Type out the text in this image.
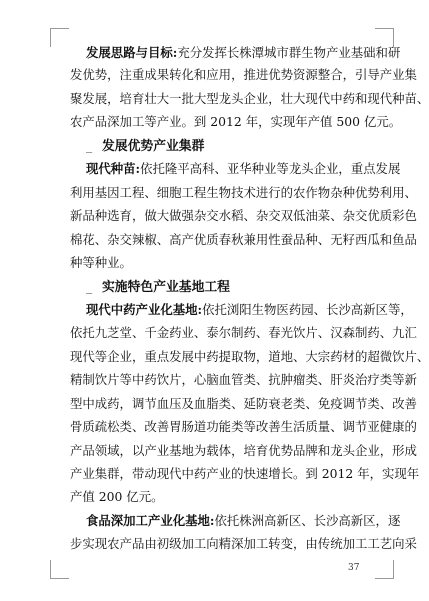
发展思路与目标:充分发挥长株潭城市群生物产业基础和研
发优势，注重成果转化和应用，推进优势资源整合，引导产业集
聚发展，培育壮大一批大型龙头企业，壮大现代中药和现代种苗、
农产品深加工等产业。到 2012 年，实现年产值 500 亿元。
_ 发展优势产业集群
现代种苗:依托隆平高科、亚华种业等龙头企业，重点发展
利用基因工程、细胞工程生物技术进行的农作物杂种优势利用、
新品种选育，做大做强杂交水稻、杂交双低油菜、杂交优质彩色
棉花、杂交辣椒、高产优质春秋兼用性蚕品种、无籽西瓜和鱼品
种等种业。
_ 实施特色产业基地工程
现代中药产业化基地:依托浏阳生物医药园、长沙高新区等，
依托九芝堂、千金药业、泰尔制药、春光饮片、汉森制药、九汇
现代等企业，重点发展中药提取物，道地、大宗药材的超微饮片、
精制饮片等中药饮片，心脑血管类、抗肿瘤类、肝炎治疗类等新
型中成药，调节血压及血脂类、延防衰老类、免疫调节类、改善
骨质疏松类、改善胃肠道功能类等改善生活质量、调节亚健康的
产品领域，以产业基地为载体，培育优势品牌和龙头企业，形成
产业集群，带动现代中药产业的快速增长。到 2012 年，实现年
产值 200 亿元。
食品深加工产业化基地:依托株洲高新区、长沙高新区，逐
步实现农产品由初级加工向精深加工转变，由传统加工工艺向采
37
